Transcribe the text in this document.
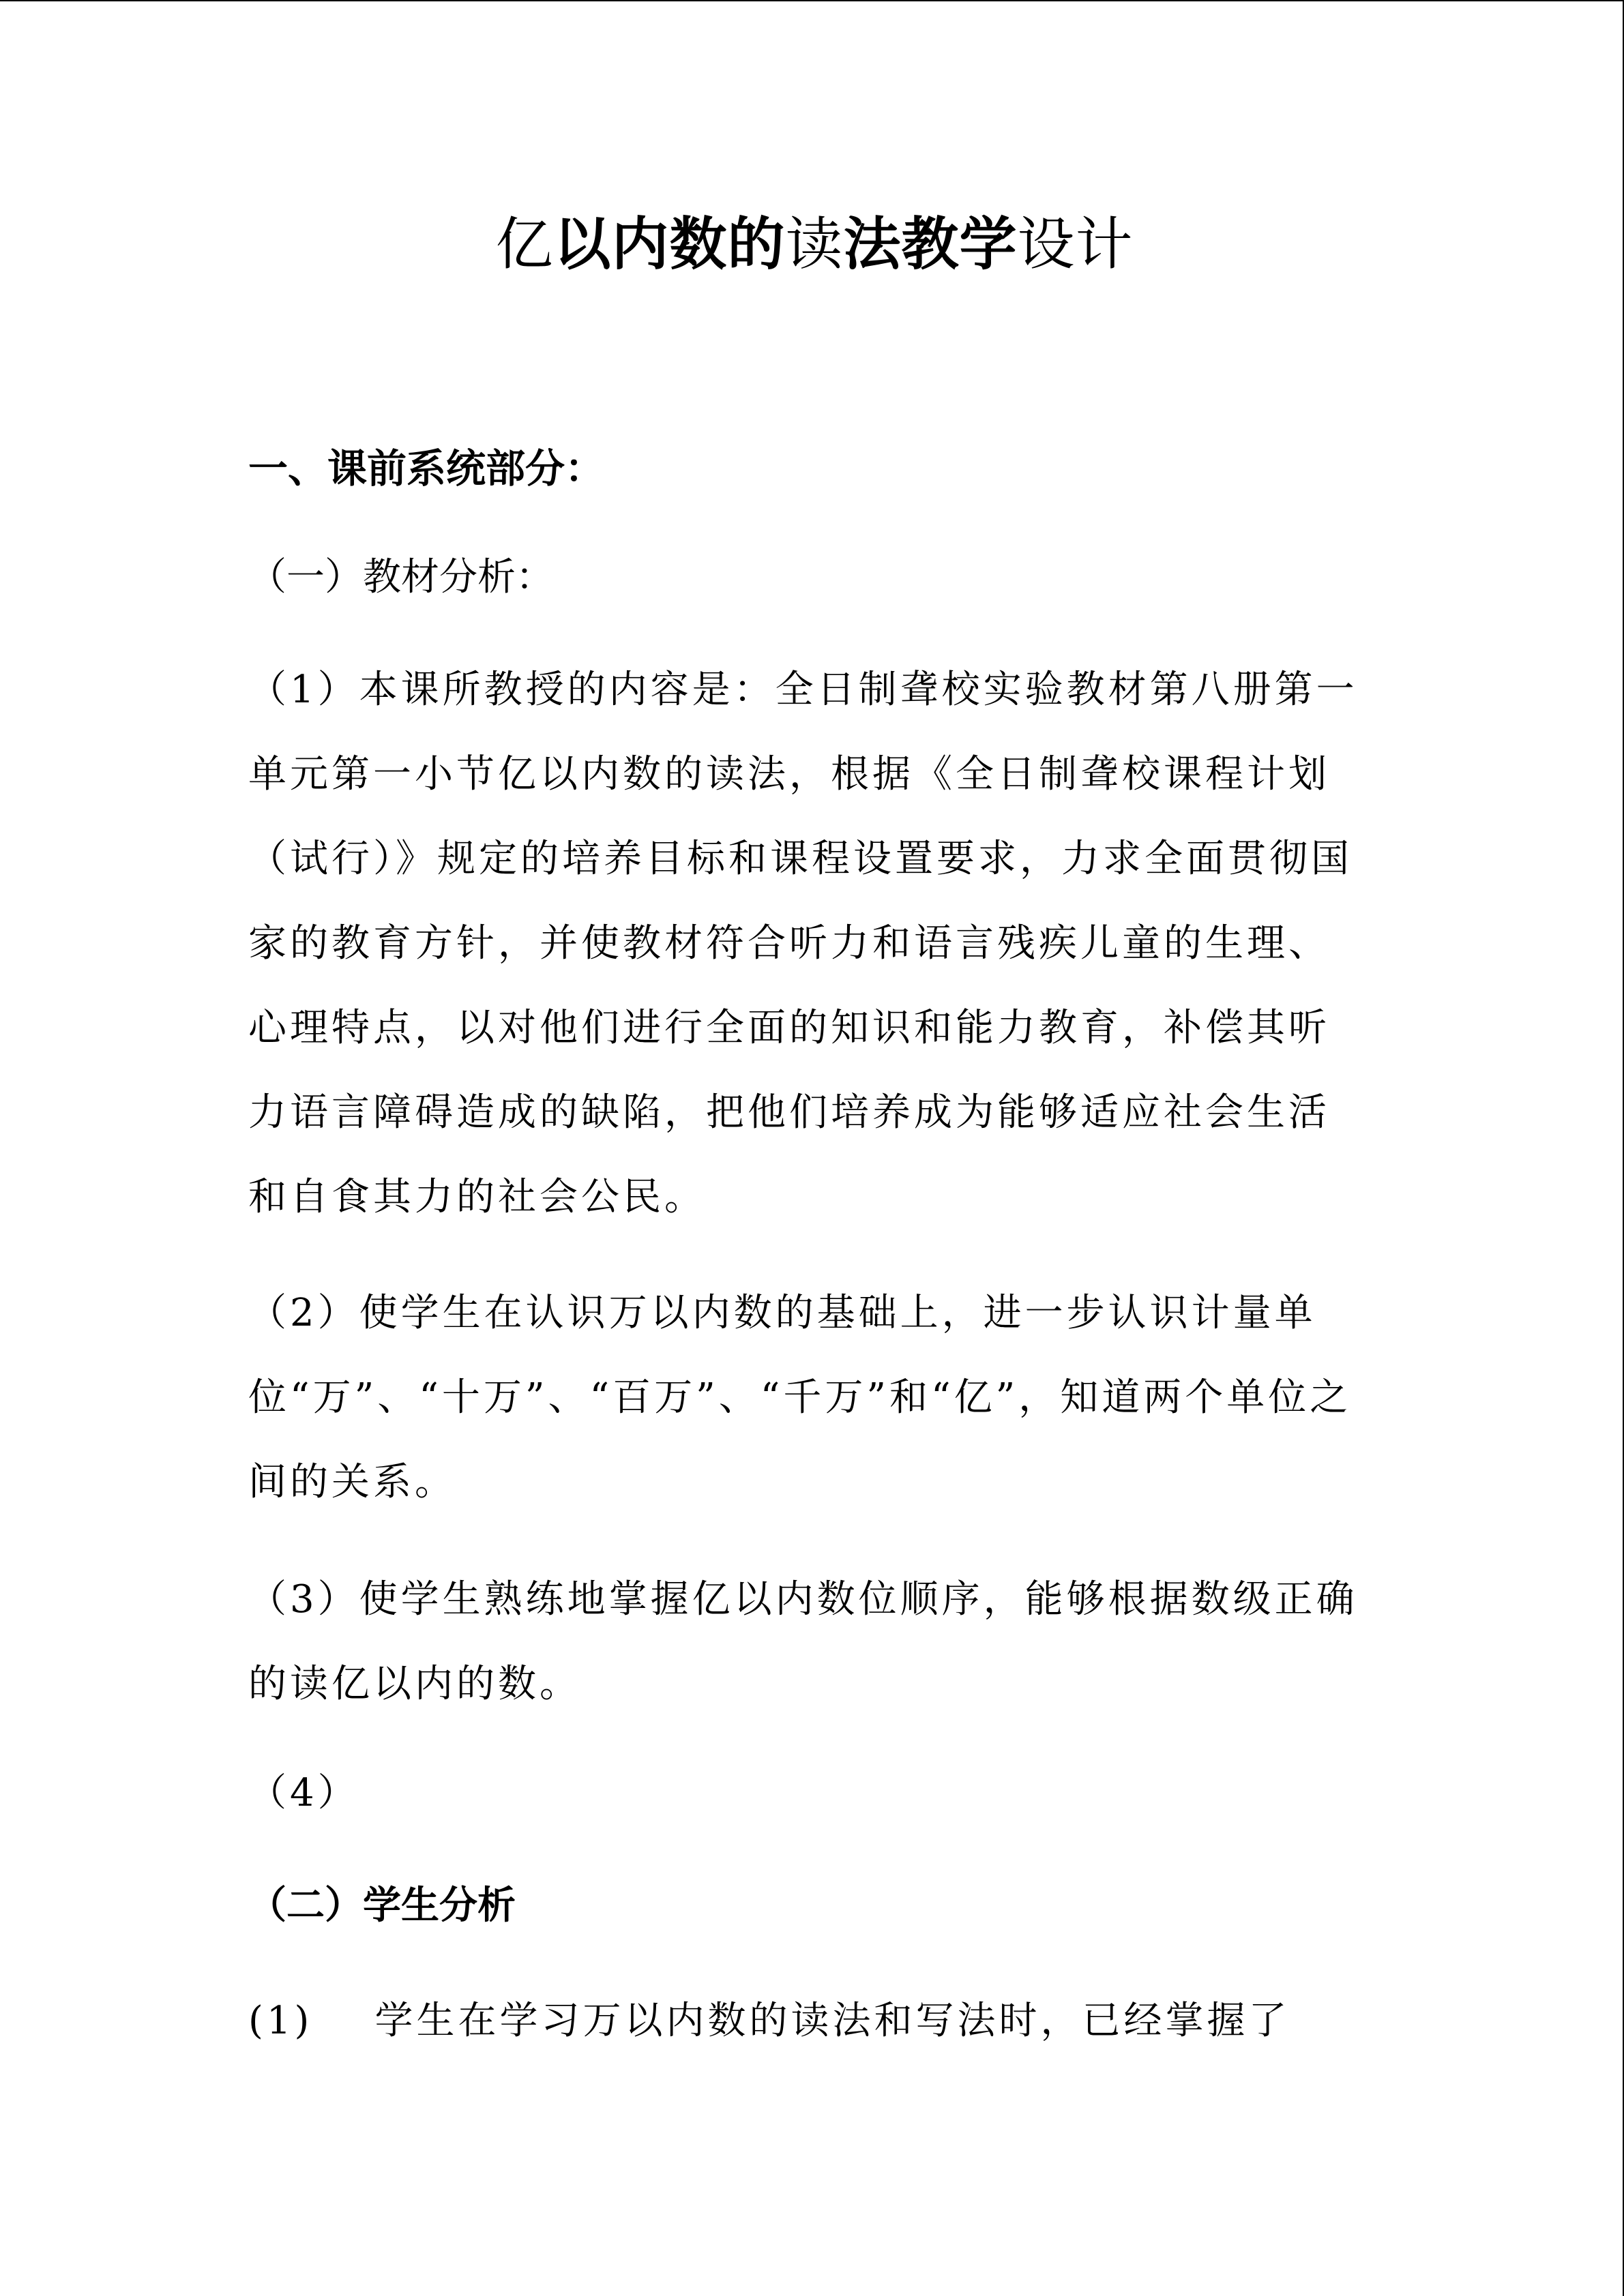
亿以内数的读法教学设计
一、课前系统部分：
（一）教材分析：

（1）本课所教授的内容是：全日制聋校实验教材第八册第一单元第一小节亿以内数的读法，根据《全日制聋校课程计划（试行）》规定的培养目标和课程设置要求，力求全面贯彻国家的教育方针，并使教材符合听力和语言残疾儿童的生理、心理特点，以对他们进行全面的知识和能力教育，补偿其听力语言障碍造成的缺陷，把他们培养成为能够适应社会生活和自食其力的社会公民。

（2）使学生在认识万以内数的基础上，进一步认识计量单位“万”、“十万”、“百万”、“千万”和“亿”，知道两个单位之间的关系。

（3）使学生熟练地掌握亿以内数位顺序，能够根据数级正确的读亿以内的数。

（4）

（二）学生分析

(1)    学生在学习万以内数的读法和写法时，已经掌握了
